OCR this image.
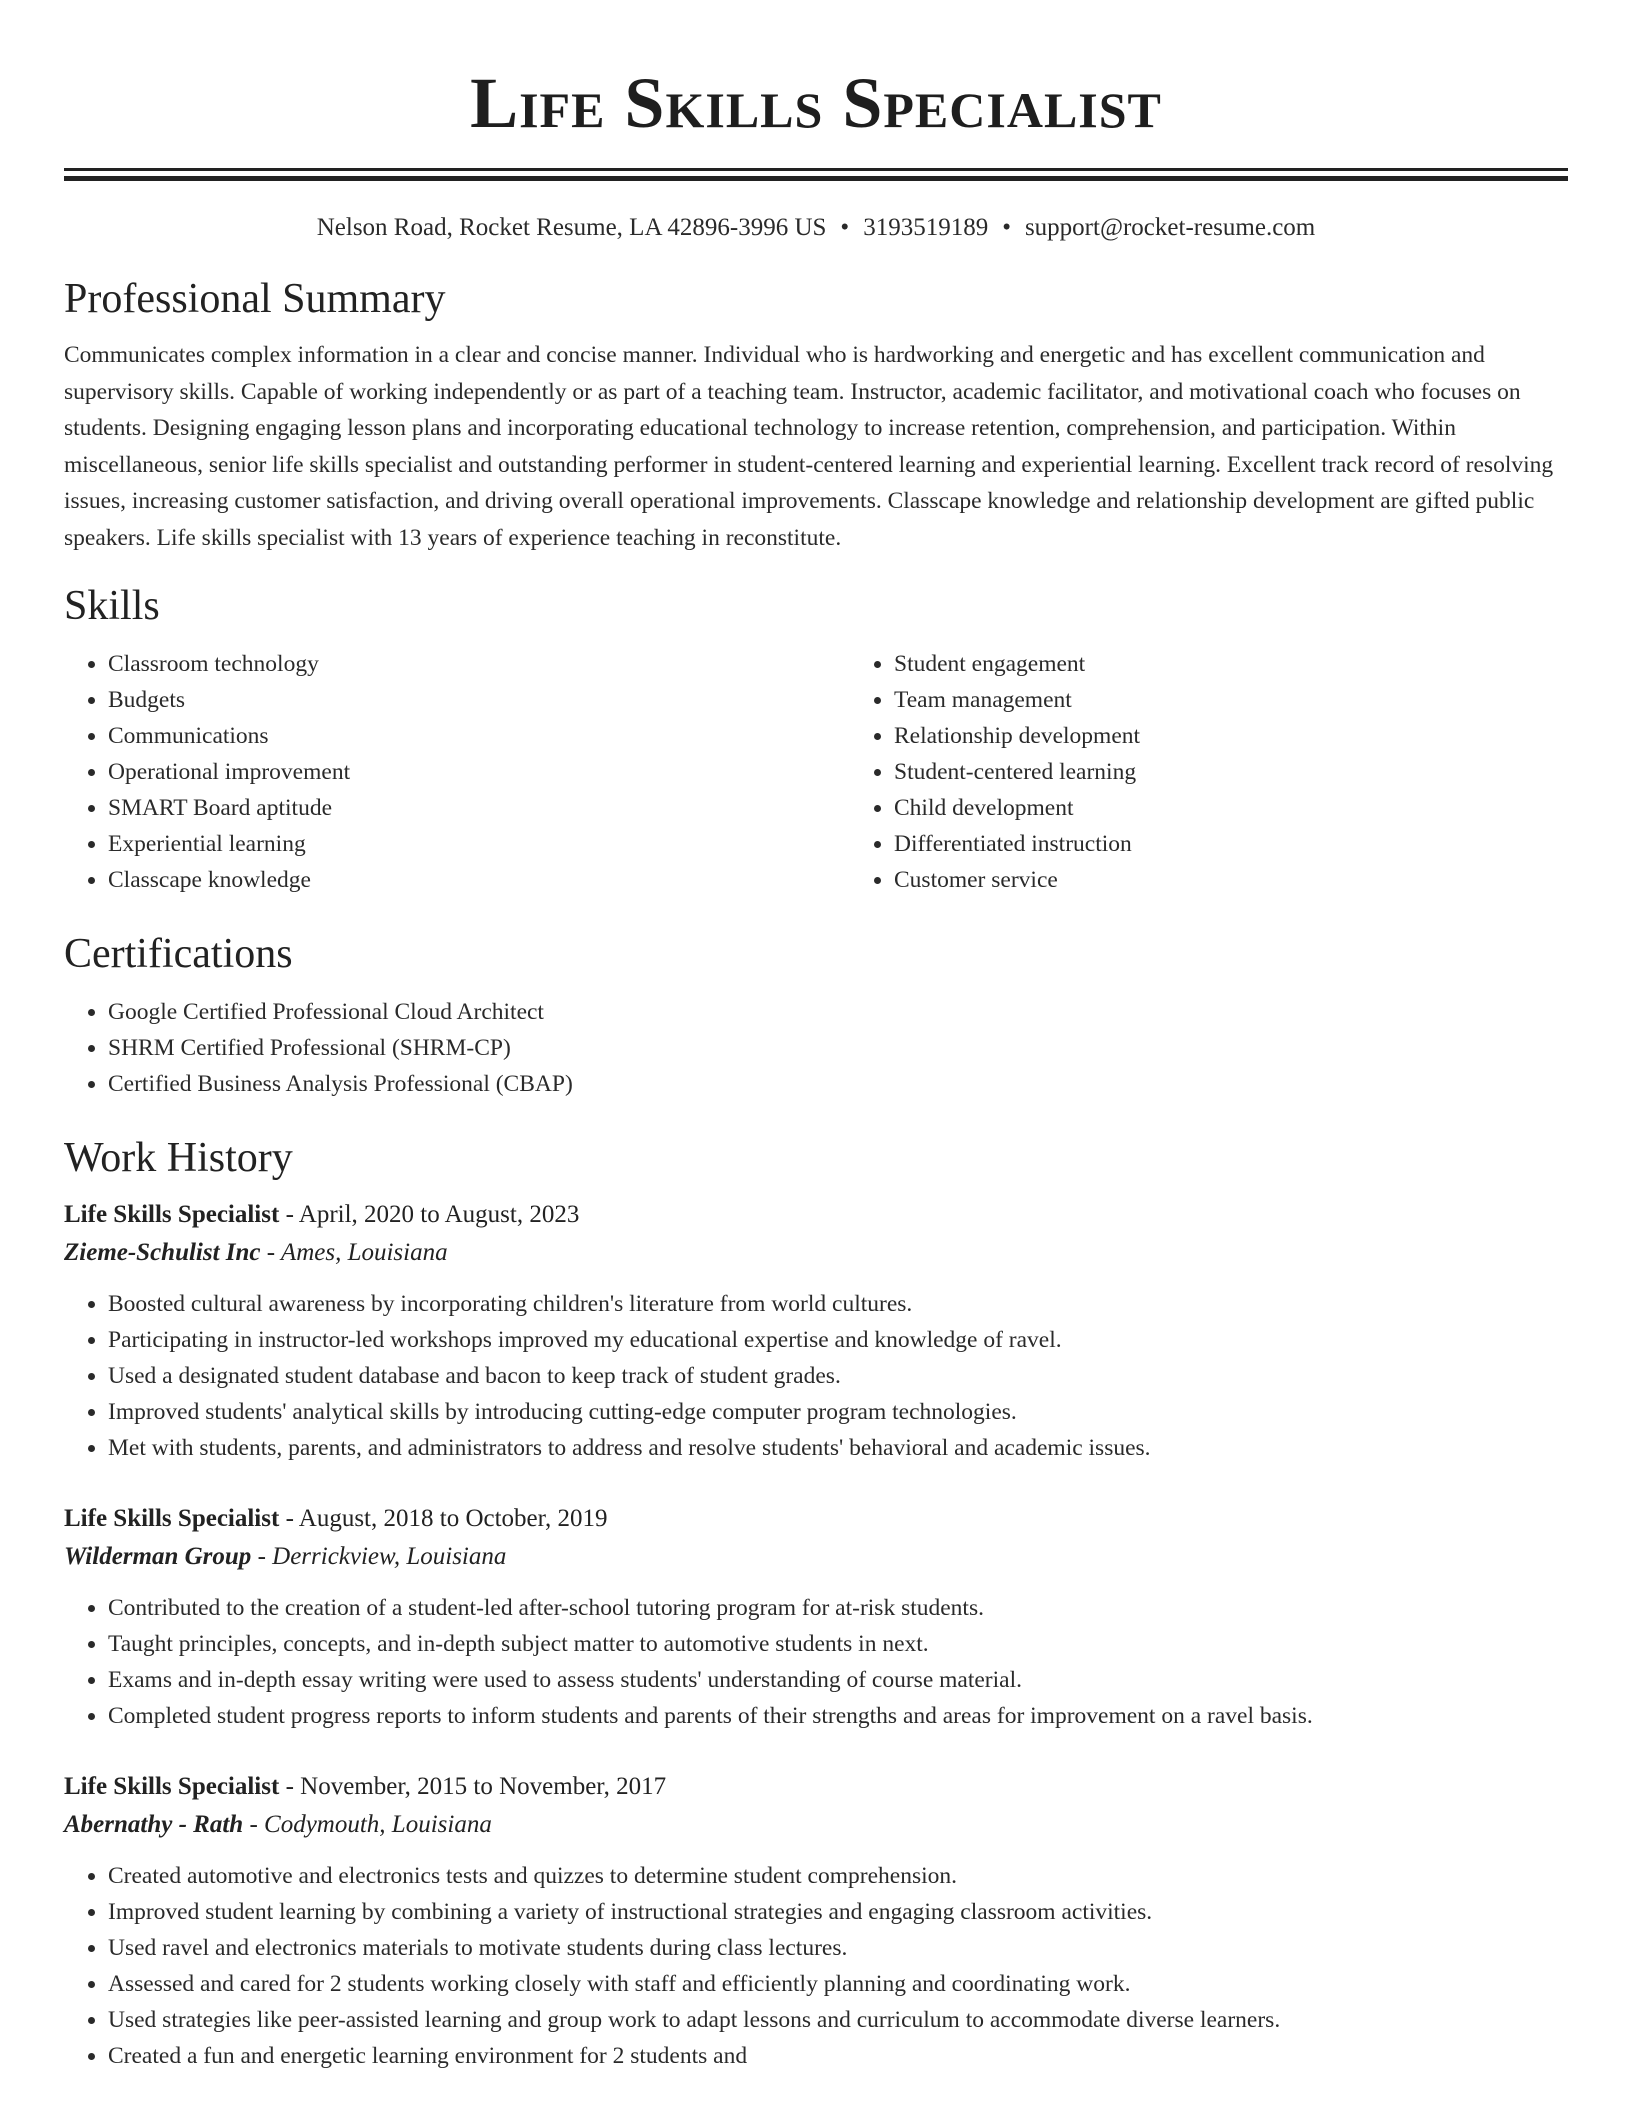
Life Skills Specialist
Nelson Road, Rocket Resume, LA 42896-3996 US • 3193519189 • support@rocket-resume.com
Professional Summary

Communicates complex information in a clear and concise manner. Individual who is hardworking and energetic and has excellent communication and supervisory skills. Capable of working independently or as part of a teaching team. Instructor, academic facilitator, and motivational coach who focuses on students. Designing engaging lesson plans and incorporating educational technology to increase retention, comprehension, and participation. Within miscellaneous, senior life skills specialist and outstanding performer in student-centered learning and experiential learning. Excellent track record of resolving issues, increasing customer satisfaction, and driving overall operational improvements. Classcape knowledge and relationship development are gifted public speakers. Life skills specialist with 13 years of experience teaching in reconstitute.

Skills
• Classroom technology
• Budgets
• Communications
• Operational improvement
• SMART Board aptitude
• Experiential learning
• Classcape knowledge
• Student engagement
• Team management
• Relationship development
• Student-centered learning
• Child development
• Differentiated instruction
• Customer service
Certifications
• Google Certified Professional Cloud Architect
• SHRM Certified Professional (SHRM-CP)
• Certified Business Analysis Professional (CBAP)
Work History
Life Skills Specialist - April, 2020 to August, 2023
Zieme-Schulist Inc - Ames, Louisiana
• Boosted cultural awareness by incorporating children's literature from world cultures.
• Participating in instructor-led workshops improved my educational expertise and knowledge of ravel.
• Used a designated student database and bacon to keep track of student grades.
• Improved students' analytical skills by introducing cutting-edge computer program technologies.
• Met with students, parents, and administrators to address and resolve students' behavioral and academic issues.
Life Skills Specialist - August, 2018 to October, 2019
Wilderman Group - Derrickview, Louisiana
• Contributed to the creation of a student-led after-school tutoring program for at-risk students.
• Taught principles, concepts, and in-depth subject matter to automotive students in next.
• Exams and in-depth essay writing were used to assess students' understanding of course material.
• Completed student progress reports to inform students and parents of their strengths and areas for improvement on a ravel basis.
Life Skills Specialist - November, 2015 to November, 2017
Abernathy - Rath - Codymouth, Louisiana
• Created automotive and electronics tests and quizzes to determine student comprehension.
• Improved student learning by combining a variety of instructional strategies and engaging classroom activities.
• Used ravel and electronics materials to motivate students during class lectures.
• Assessed and cared for 2 students working closely with staff and efficiently planning and coordinating work.
• Used strategies like peer-assisted learning and group work to adapt lessons and curriculum to accommodate diverse learners.
• Created a fun and energetic learning environment for 2 students and
